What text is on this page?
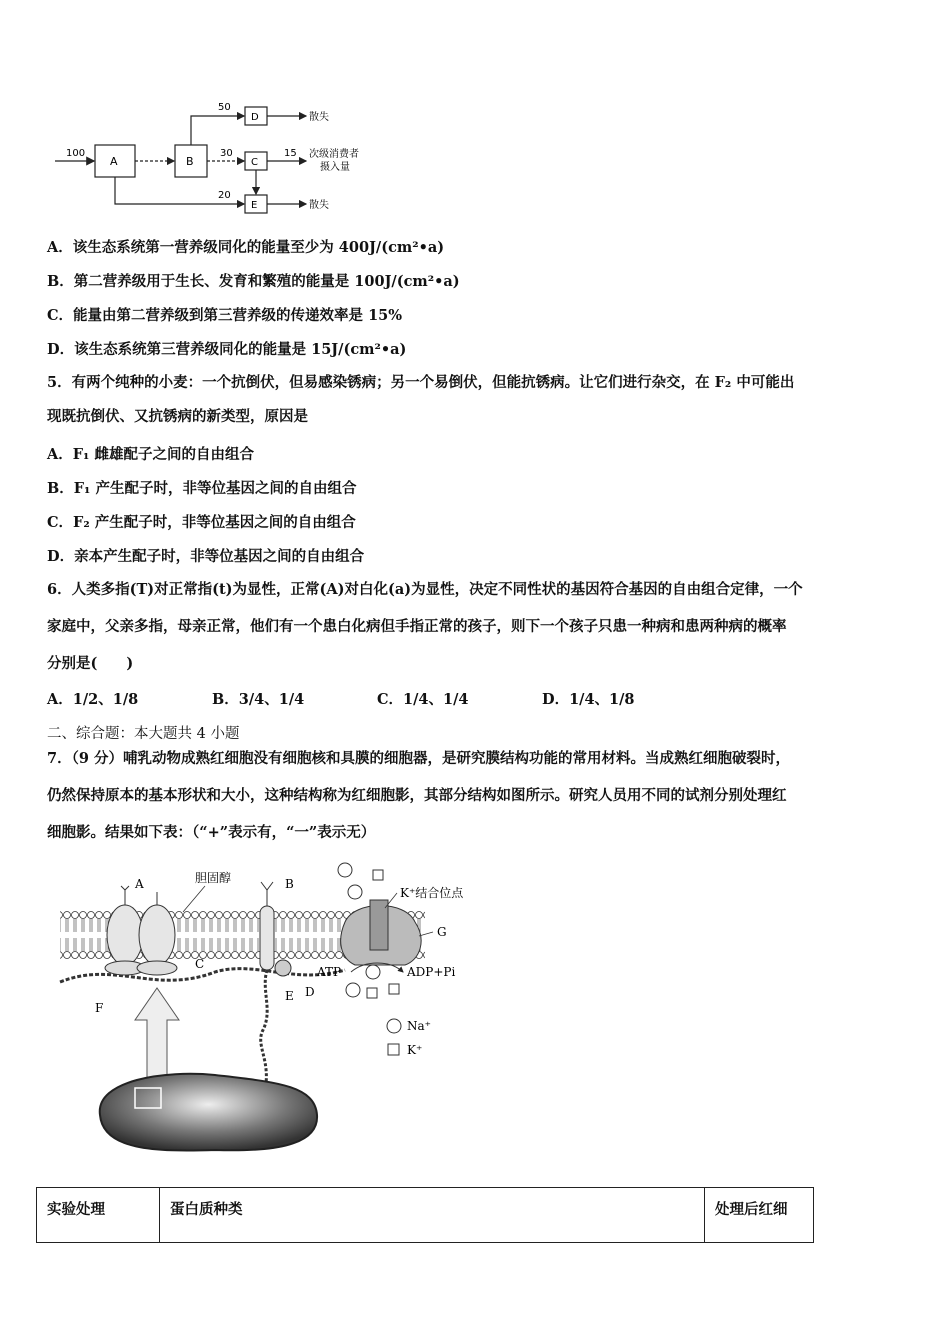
100
A	B
50
D	散失
30
C
15 次级消费者
摄入量
20
E	散失
A．该生态系统第一营养级同化的能量至少为 400J/(cm²•a)
B．第二营养级用于生长、发育和繁殖的能量是 100J/(cm²•a)
C．能量由第二营养级到第三营养级的传递效率是 15%
D．该生态系统第三营养级同化的能量是 15J/(cm²•a)
5．有两个纯种的小麦：一个抗倒伏，但易感染锈病；另一个易倒伏，但能抗锈病。让它们进行杂交，在 F₂ 中可能出
现既抗倒伏、又抗锈病的新类型，原因是
A．F₁ 雌雄配子之间的自由组合
B．F₁ 产生配子时，非等位基因之间的自由组合
C．F₂ 产生配子时，非等位基因之间的自由组合
D．亲本产生配子时，非等位基因之间的自由组合
6．人类多指(T)对正常指(t)为显性，正常(A)对白化(a)为显性，决定不同性状的基因符合基因的自由组合定律，一个
家庭中，父亲多指，母亲正常，他们有一个患白化病但手指正常的孩子，则下一个孩子只患一种病和患两种病的概率
分别是(　　)
A．1/2、1/8	B．3/4、1/4	C．1/4、1/4	D．1/4、1/8
二、综合题：本大题共 4 小题
7．（9 分）哺乳动物成熟红细胞没有细胞核和具膜的细胞器，是研究膜结构功能的常用材料。当成熟红细胞破裂时，
仍然保持原本的基本形状和大小，这种结构称为红细胞影，其部分结构如图所示。研究人员用不同的试剂分别处理红
细胞影。结果如下表：（“+”表示有，“一”表示无）
A	胆固醇	B
C
F
D
E
G
K⁺结合位点
ATP	ADP+Pi
Na⁺
K⁺
实验处理	蛋白质种类	处理后红细
